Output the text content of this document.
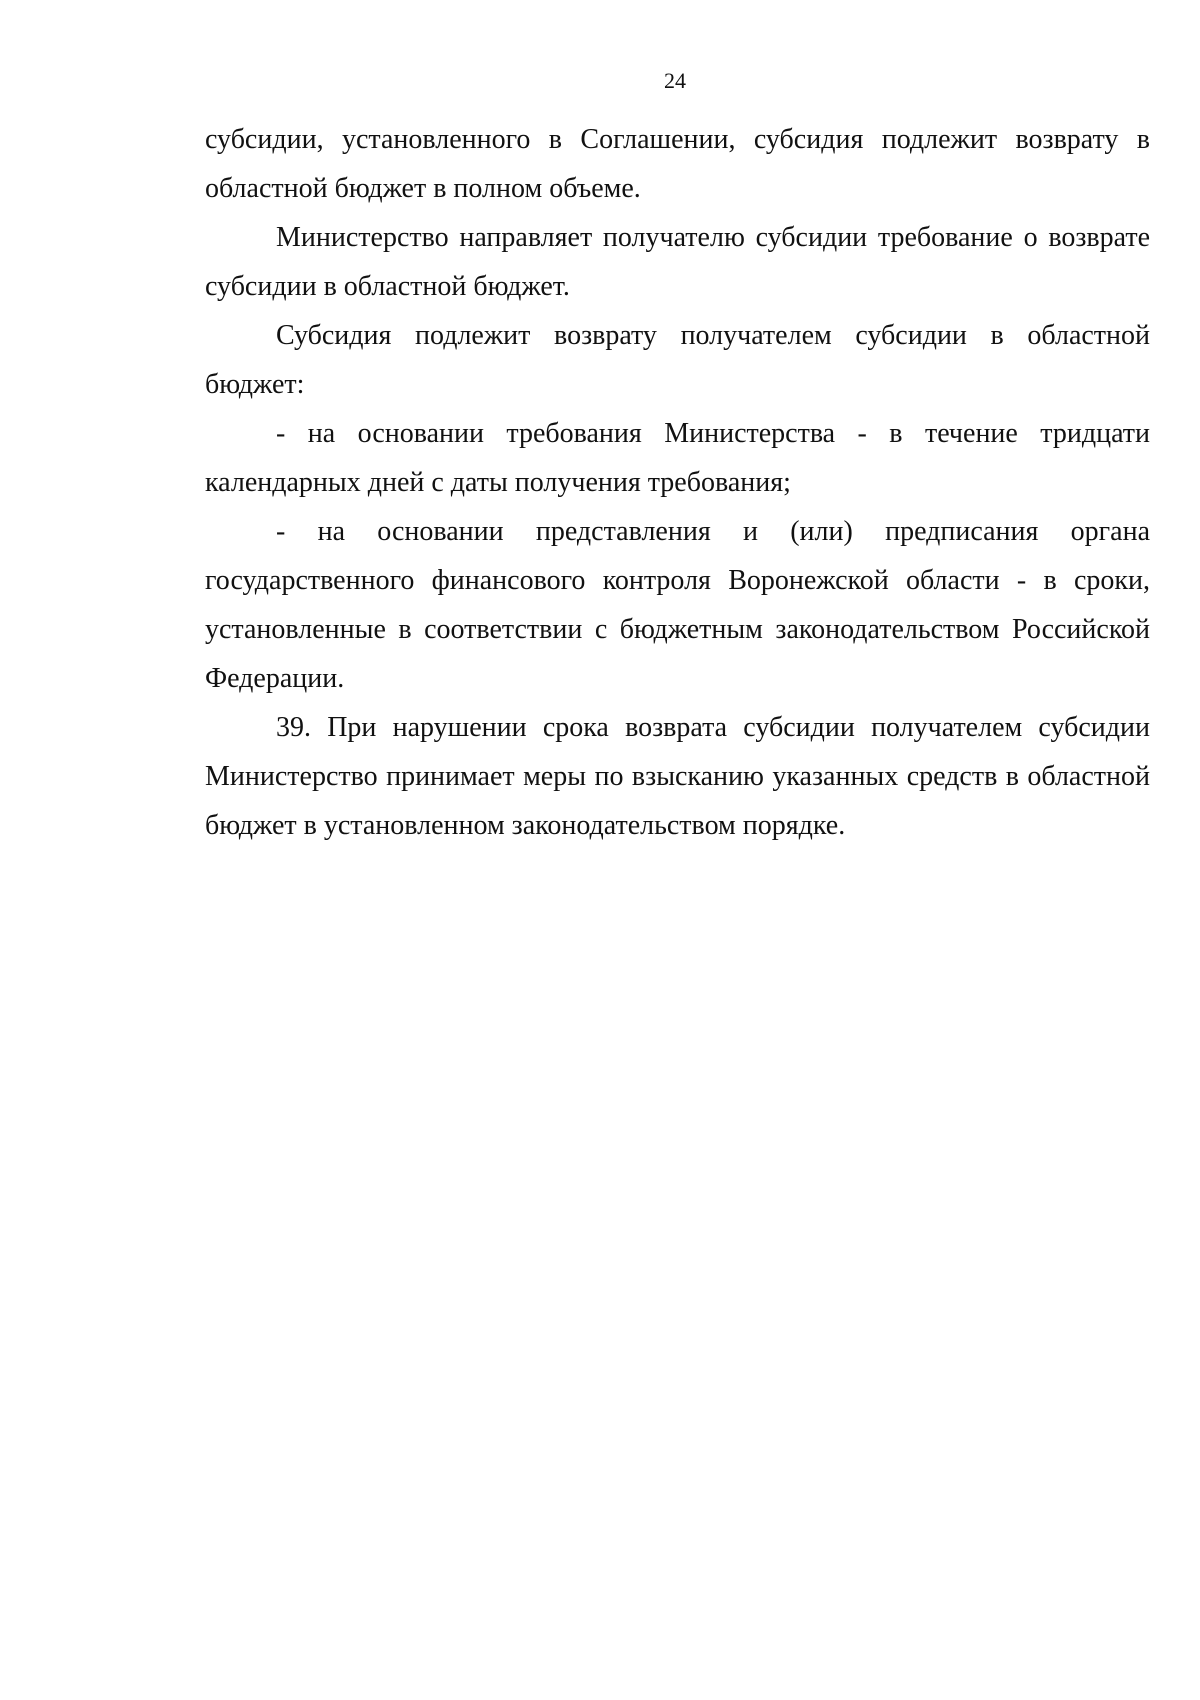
24

субсидии, установленного в Соглашении, субсидия подлежит возврату в областной бюджет в полном объеме.

Министерство направляет получателю субсидии требование о возврате субсидии в областной бюджет.

Субсидия подлежит возврату получателем субсидии в областной бюджет:

- на основании требования Министерства - в течение тридцати календарных дней с даты получения требования;

- на основании представления и (или) предписания органа государственного финансового контроля Воронежской области - в сроки, установленные в соответствии с бюджетным законодательством Российской Федерации.

39. При нарушении срока возврата субсидии получателем субсидии Министерство принимает меры по взысканию указанных средств в областной бюджет в установленном законодательством порядке.
